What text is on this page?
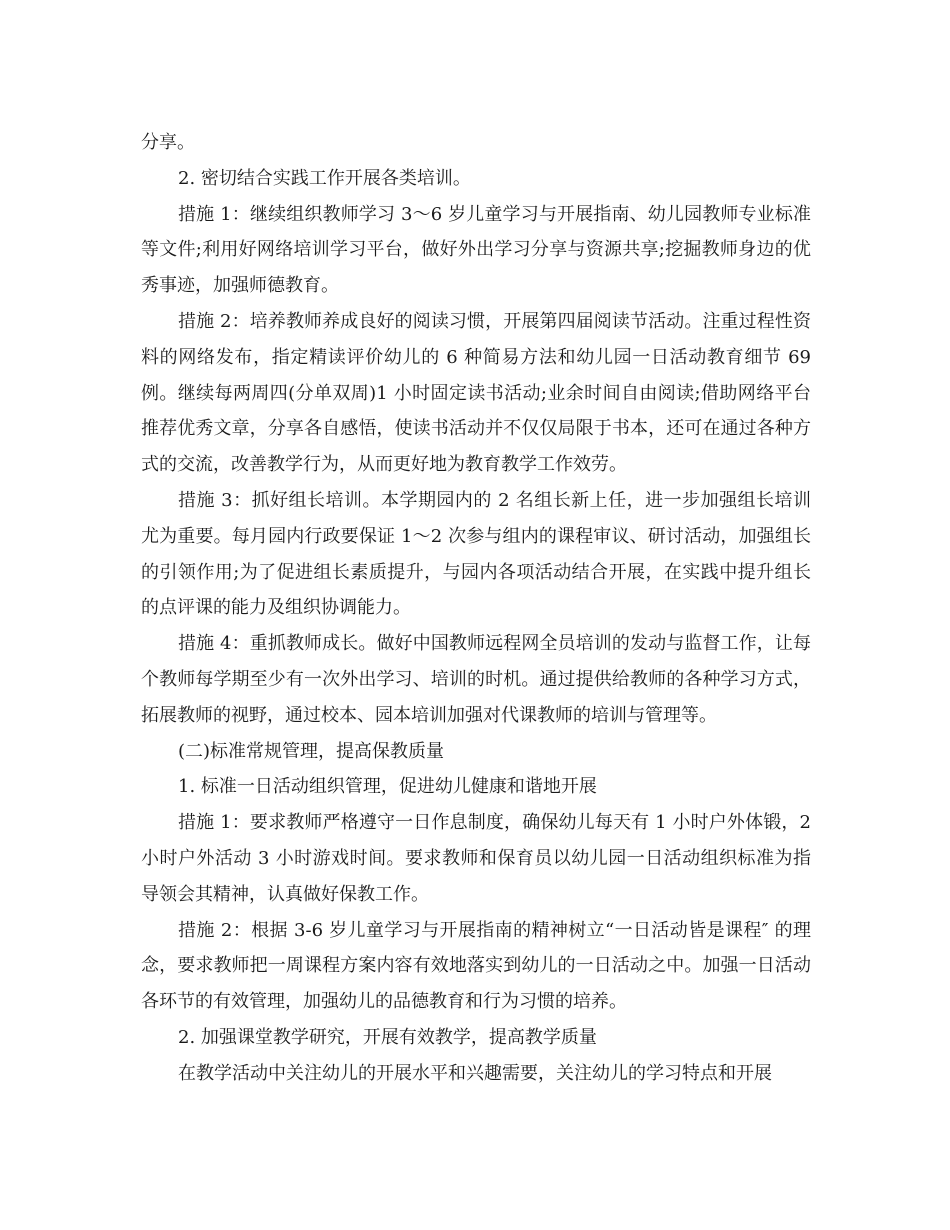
分享。

2. 密切结合实践工作开展各类培训。

措施 1：继续组织教师学习 3～6 岁儿童学习与开展指南、幼儿园教师专业标准等文件;利用好网络培训学习平台，做好外出学习分享与资源共享;挖掘教师身边的优秀事迹，加强师德教育。

措施 2：培养教师养成良好的阅读习惯，开展第四届阅读节活动。注重过程性资料的网络发布，指定精读评价幼儿的 6 种简易方法和幼儿园一日活动教育细节 69 例。继续每两周四(分单双周)1 小时固定读书活动;业余时间自由阅读;借助网络平台推荐优秀文章，分享各自感悟，使读书活动并不仅仅局限于书本，还可在通过各种方式的交流，改善教学行为，从而更好地为教育教学工作效劳。

措施 3：抓好组长培训。本学期园内的 2 名组长新上任，进一步加强组长培训尤为重要。每月园内行政要保证 1～2 次参与组内的课程审议、研讨活动，加强组长的引领作用;为了促进组长素质提升，与园内各项活动结合开展，在实践中提升组长的点评课的能力及组织协调能力。

措施 4：重抓教师成长。做好中国教师远程网全员培训的发动与监督工作，让每个教师每学期至少有一次外出学习、培训的时机。通过提供给教师的各种学习方式，拓展教师的视野，通过校本、园本培训加强对代课教师的培训与管理等。

(二)标准常规管理，提高保教质量

1. 标准一日活动组织管理，促进幼儿健康和谐地开展

措施 1：要求教师严格遵守一日作息制度，确保幼儿每天有 1 小时户外体锻，2 小时户外活动 3 小时游戏时间。要求教师和保育员以幼儿园一日活动组织标准为指导领会其精神，认真做好保教工作。

措施 2：根据 3-6 岁儿童学习与开展指南的精神树立“一日活动皆是课程″ 的理念，要求教师把一周课程方案内容有效地落实到幼儿的一日活动之中。加强一日活动各环节的有效管理，加强幼儿的品德教育和行为习惯的培养。

2. 加强课堂教学研究，开展有效教学，提高教学质量

在教学活动中关注幼儿的开展水平和兴趣需要，关注幼儿的学习特点和开展
